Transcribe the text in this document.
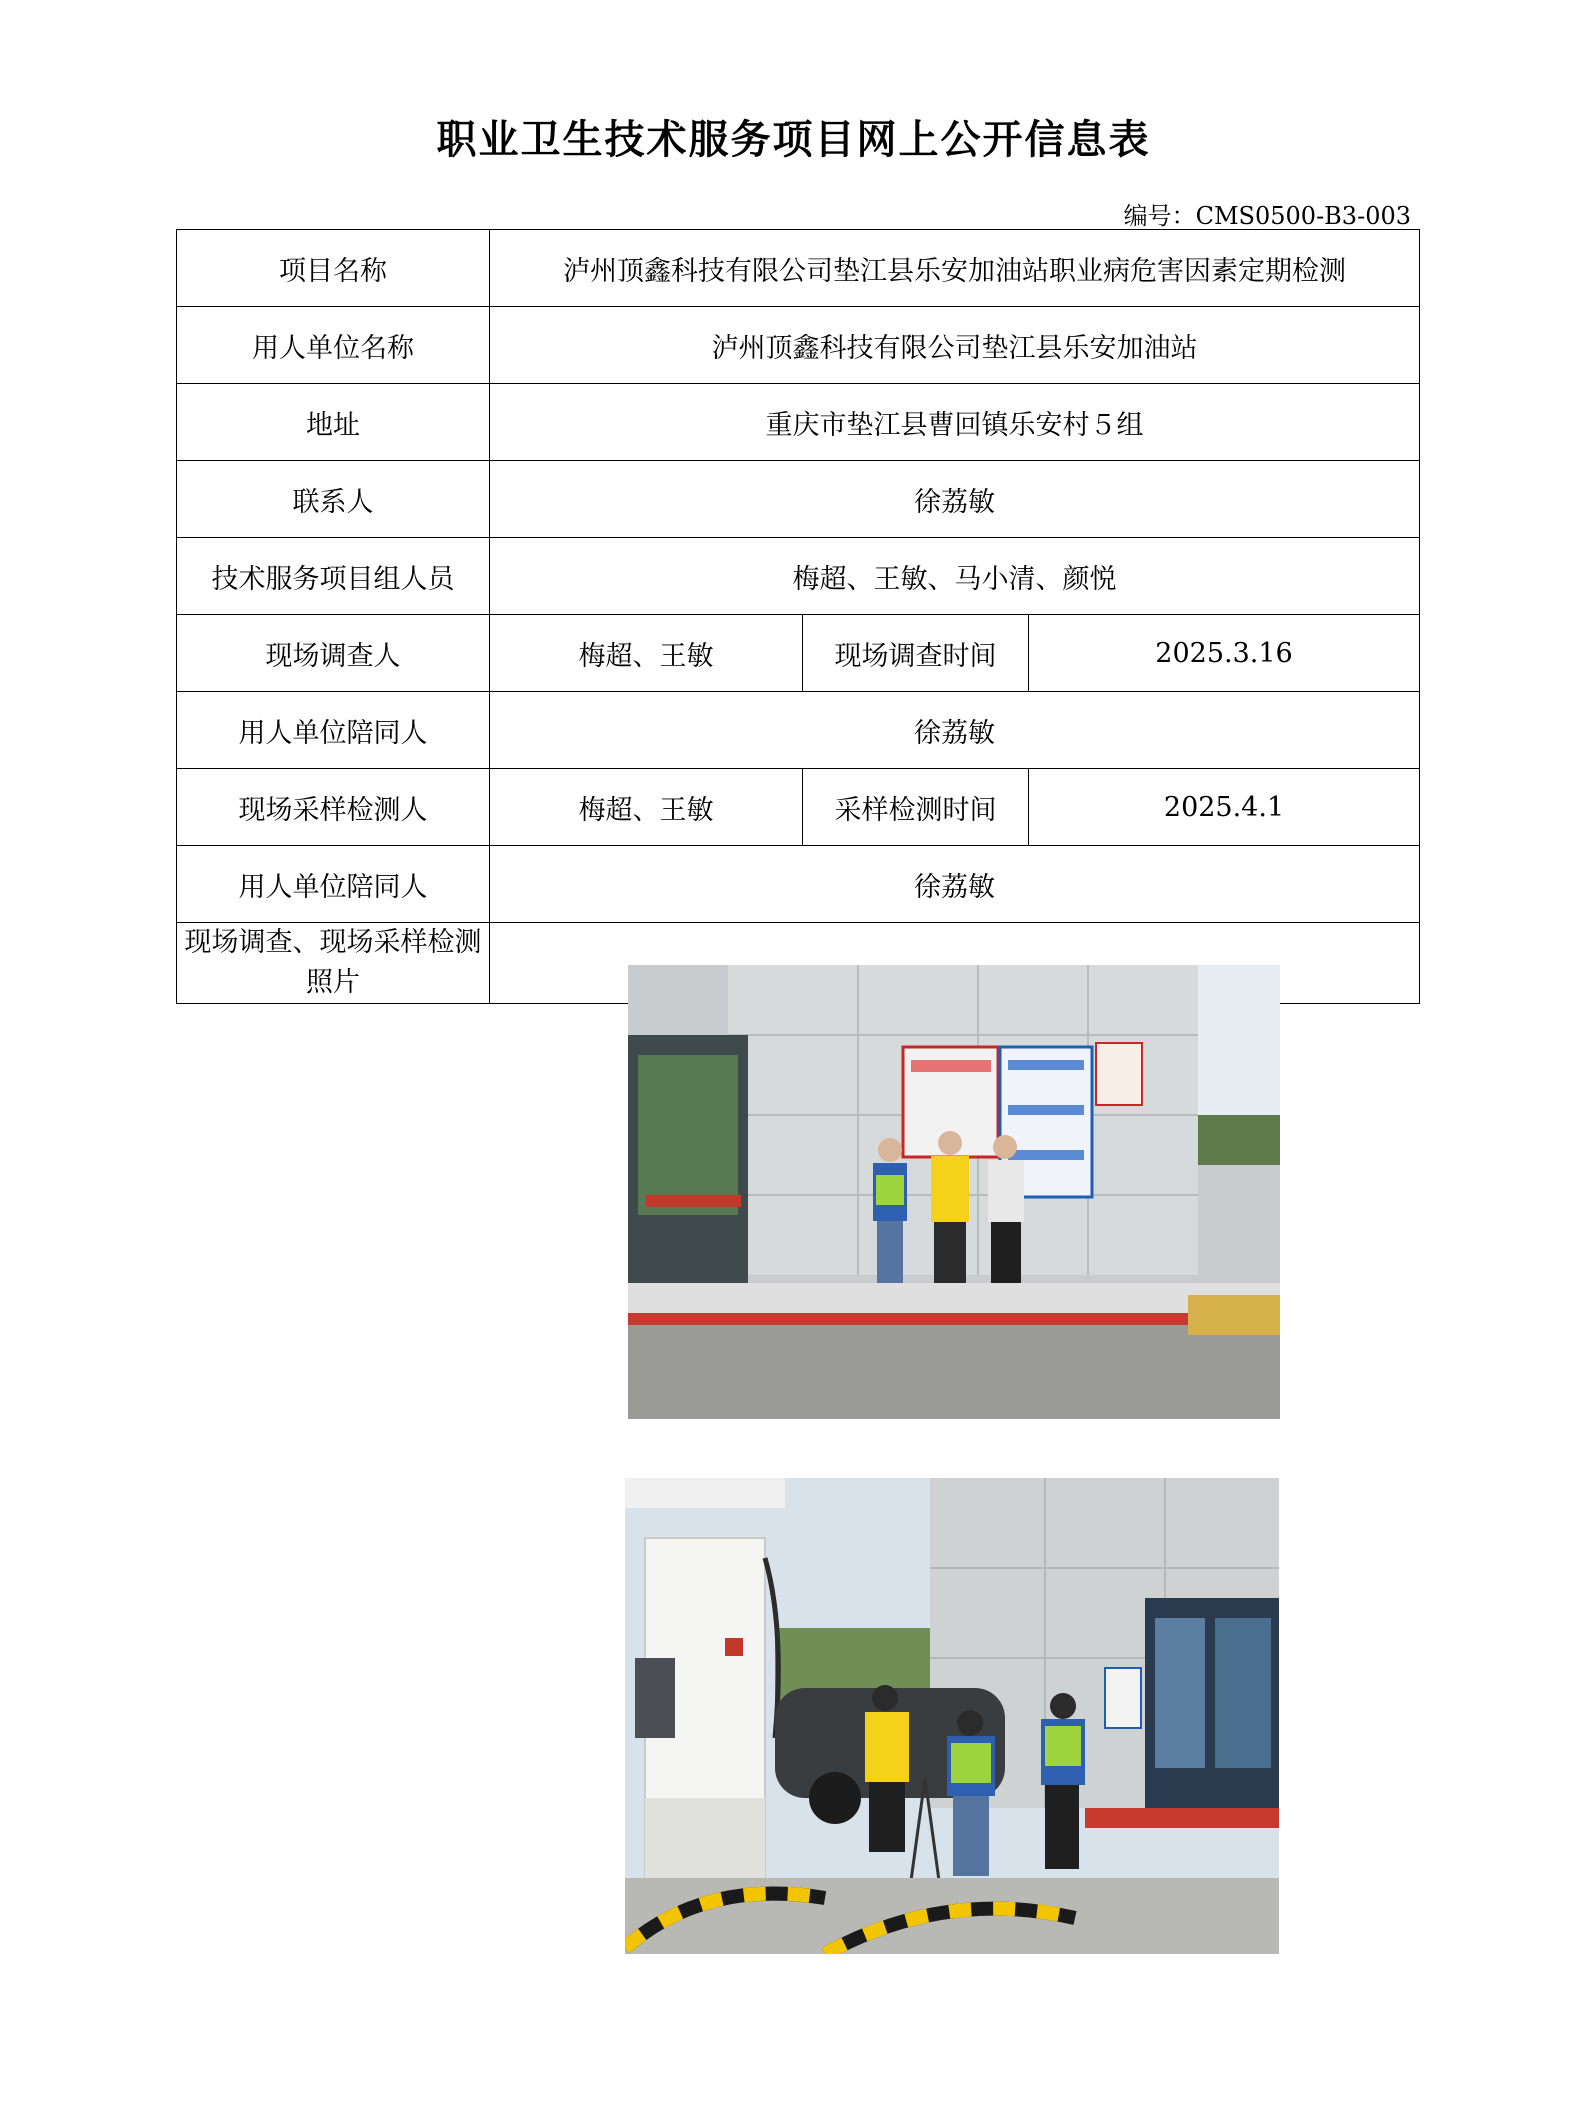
职业卫生技术服务项目网上公开信息表
编号：CMS0500-B3-003
项目名称	泸州顶鑫科技有限公司垫江县乐安加油站职业病危害因素定期检测		
用人单位名称	泸州顶鑫科技有限公司垫江县乐安加油站		
地址	重庆市垫江县曹回镇乐安村５组		
联系人	徐荔敏		
技术服务项目组人员	梅超、王敏、马小清、颜悦		
现场调查人	梅超、王敏	现场调查时间	2025.3.16
用人单位陪同人	徐荔敏		
现场采样检测人	梅超、王敏	采样检测时间	2025.4.1
用人单位陪同人	徐荔敏		
现场调查、现场采样检测照片	
